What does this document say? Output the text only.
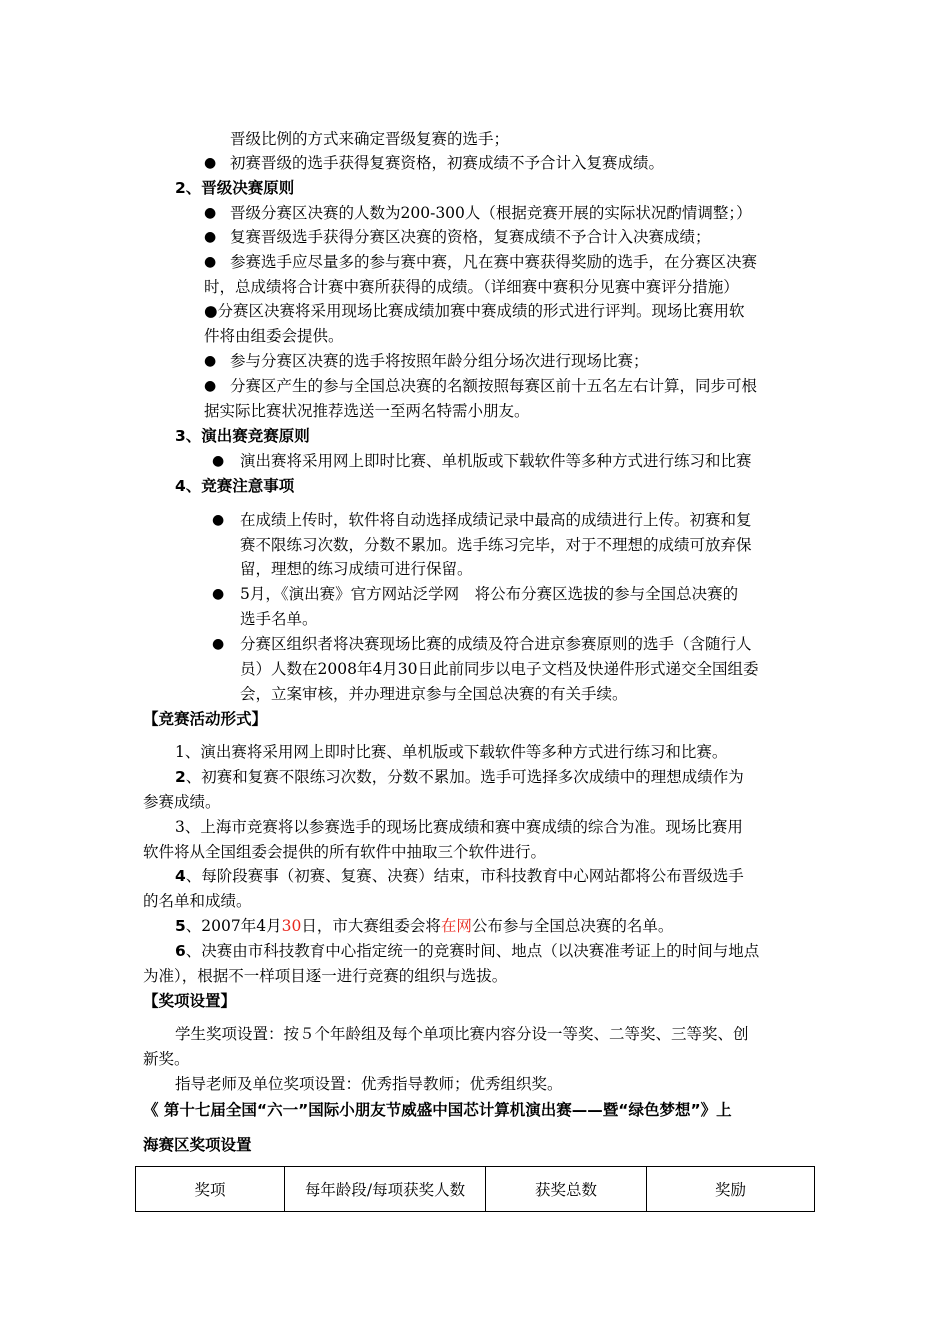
晋级比例的方式来确定晋级复赛的选手；
● 初赛晋级的选手获得复赛资格，初赛成绩不予合计入复赛成绩。
2、晋级决赛原则
● 晋级分赛区决赛的人数为200-300人（根据竞赛开展的实际状况酌情调整；）
● 复赛晋级选手获得分赛区决赛的资格，复赛成绩不予合计入决赛成绩；
● 参赛选手应尽量多的参与赛中赛，凡在赛中赛获得奖励的选手，在分赛区决赛
时，总成绩将合计赛中赛所获得的成绩。（详细赛中赛积分见赛中赛评分措施）
●分赛区决赛将采用现场比赛成绩加赛中赛成绩的形式进行评判。现场比赛用软
件将由组委会提供。
● 参与分赛区决赛的选手将按照年龄分组分场次进行现场比赛；
● 分赛区产生的参与全国总决赛的名额按照每赛区前十五名左右计算，同步可根
据实际比赛状况推荐选送一至两名特需小朋友。
3、演出赛竞赛原则
● 演出赛将采用网上即时比赛、单机版或下载软件等多种方式进行练习和比赛
4、竞赛注意事项
● 在成绩上传时，软件将自动选择成绩记录中最高的成绩进行上传。初赛和复
赛不限练习次数，分数不累加。选手练习完毕，对于不理想的成绩可放弃保
留，理想的练习成绩可进行保留。
● 5月，《演出赛》官方网站泛学网　将公布分赛区选拔的参与全国总决赛的
选手名单。
● 分赛区组织者将决赛现场比赛的成绩及符合进京参赛原则的选手（含随行人
员）人数在2008年4月30日此前同步以电子文档及快递件形式递交全国组委
会，立案审核，并办理进京参与全国总决赛的有关手续。
【竞赛活动形式】
1、演出赛将采用网上即时比赛、单机版或下载软件等多种方式进行练习和比赛。
2、初赛和复赛不限练习次数，分数不累加。选手可选择多次成绩中的理想成绩作为
参赛成绩。
3、上海市竞赛将以参赛选手的现场比赛成绩和赛中赛成绩的综合为准。现场比赛用
软件将从全国组委会提供的所有软件中抽取三个软件进行。
4、每阶段赛事（初赛、复赛、决赛）结束，市科技教育中心网站都将公布晋级选手
的名单和成绩。
5、2007年4月30日，市大赛组委会将在网公布参与全国总决赛的名单。
6、决赛由市科技教育中心指定统一的竞赛时间、地点（以决赛准考证上的时间与地点
为准），根据不一样项目逐一进行竞赛的组织与选拔。
【奖项设置】
学生奖项设置：按５个年龄组及每个单项比赛内容分设一等奖、二等奖、三等奖、创
新奖。
指导老师及单位奖项设置：优秀指导教师；优秀组织奖。
《 第十七届全国“六一”国际小朋友节威盛中国芯计算机演出赛——暨“绿色梦想”》上
海赛区奖项设置
奖项	每年龄段/每项获奖人数	获奖总数	奖励
